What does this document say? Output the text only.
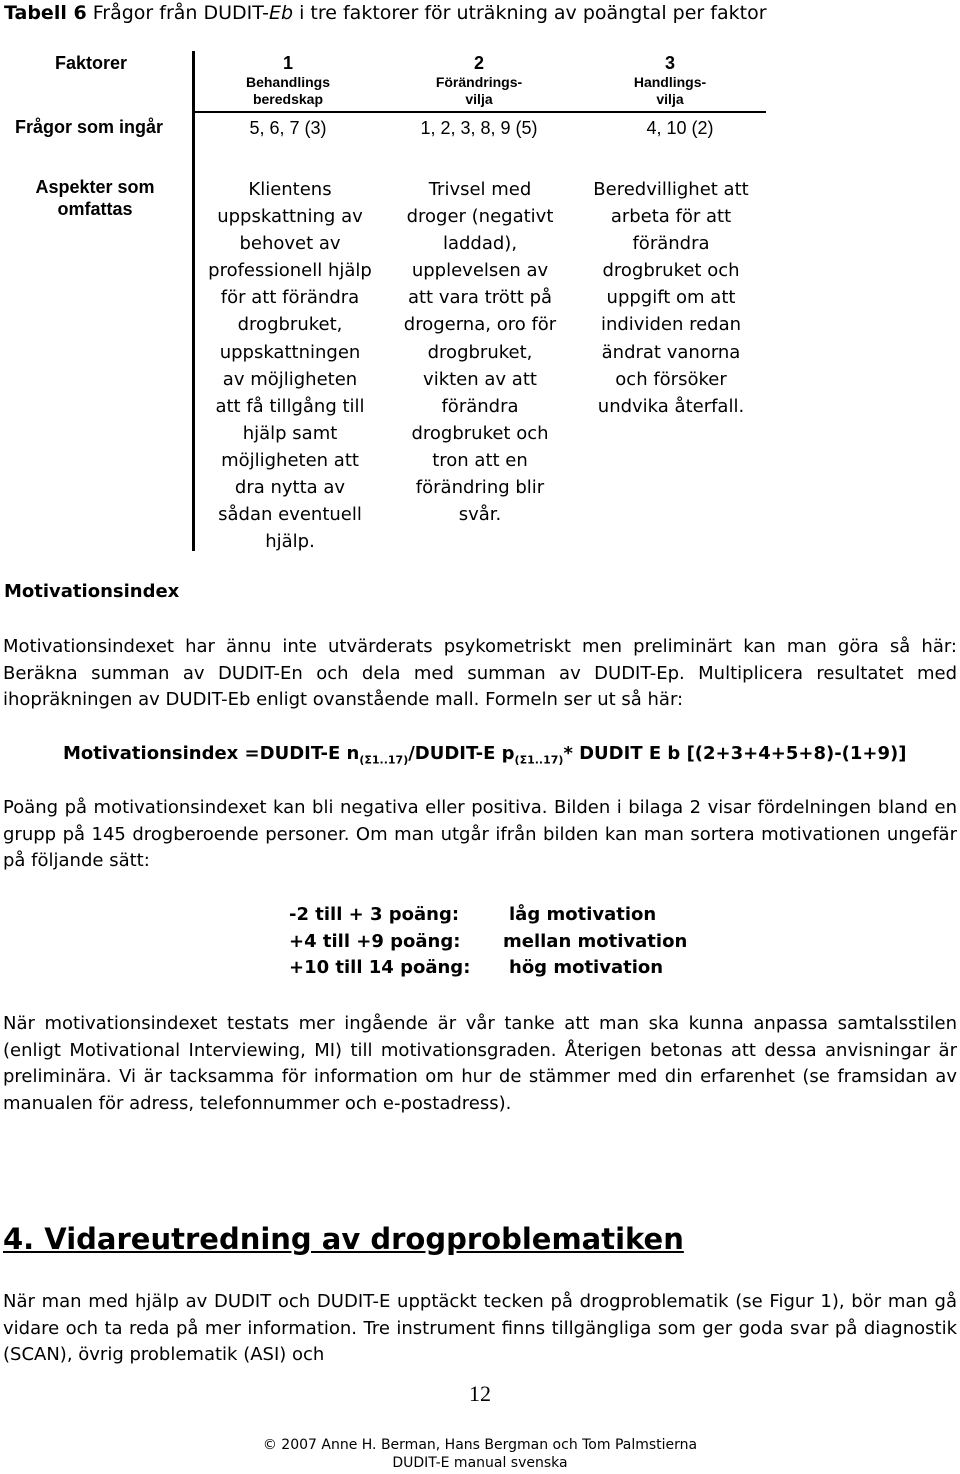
Tabell 6 Frågor från DUDIT-Eb i tre faktorer för uträkning av poängtal per faktor
Faktorer
Frågor som ingår
Aspekter som
omfattas
Motivationsindex
1
Behandlings
beredskap
2
Förändrings-
vilja
3
Handlings-
vilja
5, 6, 7 (3)	1, 2, 3, 8, 9 (5)	4, 10 (2)
Klientens
uppskattning av
behovet av
professionell hjälp
för att förändra
drogbruket,
uppskattningen
av möjligheten
att få tillgång till
hjälp samt
möjligheten att
dra nytta av
sådan eventuell
hjälp.
Trivsel med
droger (negativt
laddad),
upplevelsen av
att vara trött på
drogerna, oro för
drogbruket,
vikten av att
förändra
drogbruket och
tron att en
förändring blir
svår.
Beredvillighet att
arbeta för att
förändra
drogbruket och
uppgift om att
individen redan
ändrat vanorna
och försöker
undvika återfall.
Motivationsindexet har ännu inte utvärderats psykometriskt men preliminärt kan man göra så här: Beräkna summan av DUDIT-En och dela med summan av DUDIT-Ep. Multiplicera resultatet med ihopräkningen av DUDIT-Eb enligt ovanstående mall. Formeln ser ut så här:
Motivationsindex =DUDIT-E $n_{(\Sigma 1..17)}/DUDIT-E$ $p_{(\Sigma 1..17)}*$ DUDIT E b [(2+3+4+5+8)-(1+9)]
Poäng på motivationsindexet kan bli negativa eller positiva. Bilden i bilaga 2 visar fördelningen bland en grupp på 145 drogberoende personer. Om man utgår ifrån bilden kan man sortera motivationen ungefär på följande sätt:
-2 till + 3 poäng:
+4 till +9 poäng:
+10 till 14 poäng:
låg motivation
mellan motivation
hög motivation
När motivationsindexet testats mer ingående är vår tanke att man ska kunna anpassa samtalsstilen (enligt Motivational Interviewing, MI) till motivationsgraden. Återigen betonas att dessa anvisningar är preliminära. Vi är tacksamma för information om hur de stämmer med din erfarenhet (se framsidan av manualen för adress, telefonnummer och e-postadress).
4. Vidareutredning av drogproblematiken
När man med hjälp av DUDIT och DUDIT-E upptäckt tecken på drogproblematik (se Figur 1), bör man gå vidare och ta reda på mer information. Tre instrument finns tillgängliga som ger goda svar på diagnostik (SCAN), övrig problematik (ASI) och
12
© 2007 Anne H. Berman, Hans Bergman och Tom Palmstierna
DUDIT-E manual svenska
